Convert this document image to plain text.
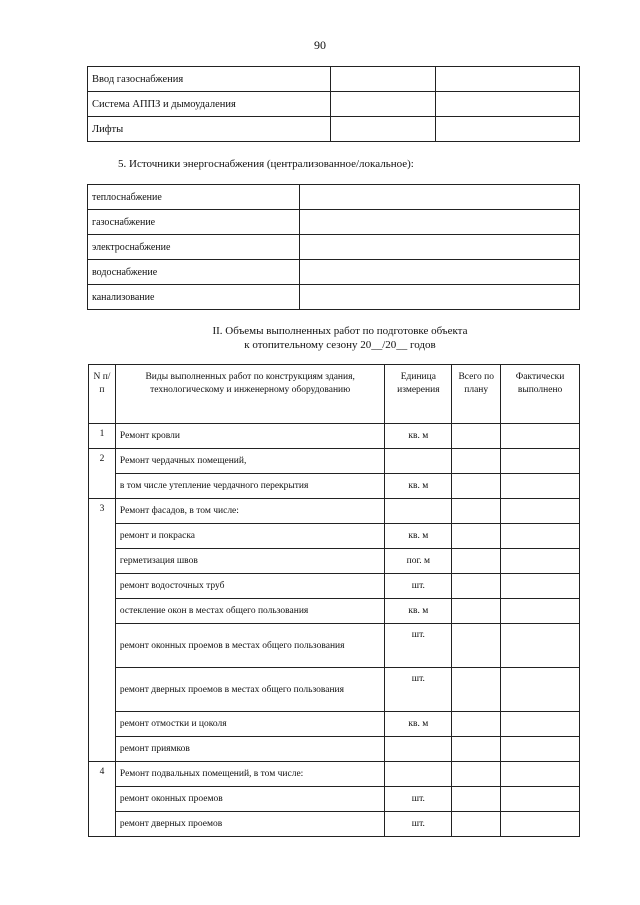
90
Ввод газоснабжения		
Система АППЗ и дымоудаления		
Лифты		
5. Источники энергоснабжения (централизованное/локальное):
теплоснабжение	
газоснабжение	
электроснабжение	
водоснабжение	
канализование	
II. Объемы выполненных работ по подготовке объекта
к отопительному сезону 20__/20__ годов
N п/п	Виды выполненных работ по конструкциям здания, технологическому и инженерному оборудованию	Единица измерения	Всего по плану	Фактически выполнено
1	Ремонт кровли	кв. м		
2	Ремонт чердачных помещений,			
	в том числе утепление чердачного перекрытия	кв. м		
3	Ремонт фасадов, в том числе:			
	ремонт и покраска	кв. м		
	герметизация швов	пог. м		
	ремонт водосточных труб	шт.		
	остекление окон в местах общего пользования	кв. м		
	ремонт оконных проемов в местах общего пользования	шт.		
	ремонт дверных проемов в местах общего пользования	шт.		
	ремонт отмостки и цоколя	кв. м		
	ремонт приямков			
4	Ремонт подвальных помещений, в том числе:			
	ремонт оконных проемов	шт.		
	ремонт дверных проемов	шт.		
